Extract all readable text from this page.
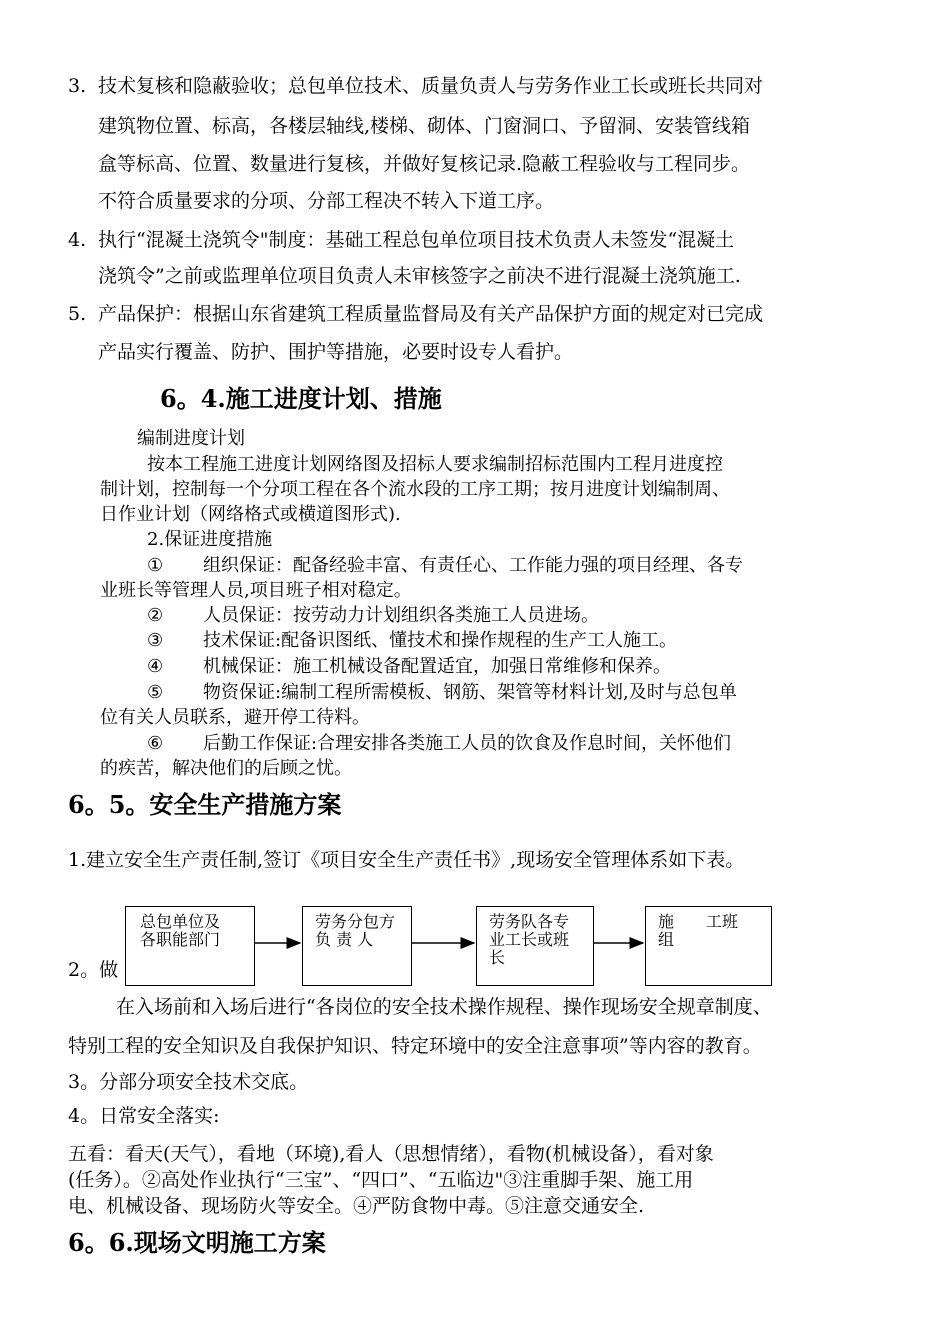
3. 技术复核和隐蔽验收；总包单位技术、质量负责人与劳务作业工长或班长共同对
建筑物位置、标高，各楼层轴线,楼梯、砌体、门窗洞口、予留洞、安装管线箱
盒等标高、位置、数量进行复核，并做好复核记录.隐蔽工程验收与工程同步。
不符合质量要求的分项、分部工程决不转入下道工序。
4. 执行“混凝土浇筑令"制度：基础工程总包单位项目技术负责人未签发“混凝土
浇筑令”之前或监理单位项目负责人未审核签字之前决不进行混凝土浇筑施工.
5. 产品保护：根据山东省建筑工程质量监督局及有关产品保护方面的规定对已完成
产品实行覆盖、防护、围护等措施，必要时设专人看护。
6。4.施工进度计划、措施
编制进度计划
按本工程施工进度计划网络图及招标人要求编制招标范围内工程月进度控
制计划，控制每一个分项工程在各个流水段的工序工期；按月进度计划编制周、
日作业计划（网络格式或横道图形式).
2.保证进度措施
① 组织保证：配备经验丰富、有责任心、工作能力强的项目经理、各专
业班长等管理人员,项目班子相对稳定。
② 人员保证：按劳动力计划组织各类施工人员进场。
③ 技术保证:配备识图纸、懂技术和操作规程的生产工人施工。
④ 机械保证：施工机械设备配置适宜，加强日常维修和保养。
⑤ 物资保证:编制工程所需模板、钢筋、架管等材料计划,及时与总包单
位有关人员联系，避开停工待料。
⑥ 后勤工作保证:合理安排各类施工人员的饮食及作息时间，关怀他们
的疾苦，解决他们的后顾之忧。
6。5。安全生产措施方案
1.建立安全生产责任制,签订《项目安全生产责任书》,现场安全管理体系如下表。
总包单位及
各职能部门
劳务分包方
负 责 人
劳务队各专
业工长或班
长
施　　工班
组
2。做
在入场前和入场后进行“各岗位的安全技术操作规程、操作现场安全规章制度、
特别工程的安全知识及自我保护知识、特定环境中的安全注意事项”等内容的教育。
3。分部分项安全技术交底。
4。日常安全落实:
五看：看天(天气），看地（环境),看人（思想情绪），看物(机械设备），看对象
(任务）。②高处作业执行“三宝”、“四口”、“五临边"③注重脚手架、施工用
电、机械设备、现场防火等安全。④严防食物中毒。⑤注意交通安全.
6。6.现场文明施工方案
